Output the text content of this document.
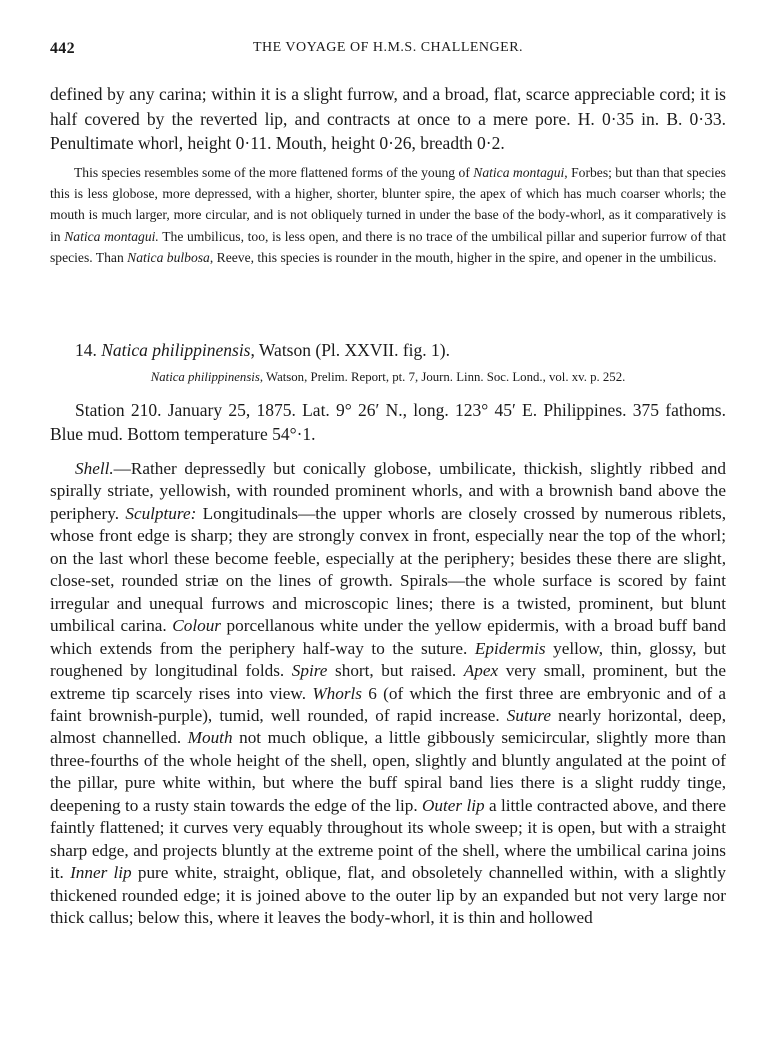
442	THE VOYAGE OF H.M.S. CHALLENGER.

defined by any carina; within it is a slight furrow, and a broad, flat, scarce appreciable cord; it is half covered by the reverted lip, and contracts at once to a mere pore. H. 0·35 in. B. 0·33. Penultimate whorl, height 0·11. Mouth, height 0·26, breadth 0·2.

This species resembles some of the more flattened forms of the young of Natica montagui, Forbes; but than that species this is less globose, more depressed, with a higher, shorter, blunter spire, the apex of which has much coarser whorls; the mouth is much larger, more circular, and is not obliquely turned in under the base of the body-whorl, as it comparatively is in Natica montagui. The umbilicus, too, is less open, and there is no trace of the umbilical pillar and superior furrow of that species. Than Natica bulbosa, Reeve, this species is rounder in the mouth, higher in the spire, and opener in the umbilicus.

14. Natica philippinensis, Watson (Pl. XXVII. fig. 1).
Natica philippinensis, Watson, Prelim. Report, pt. 7, Journ. Linn. Soc. Lond., vol. xv. p. 252.

Station 210. January 25, 1875. Lat. 9° 26′ N., long. 123° 45′ E. Philippines. 375 fathoms. Blue mud. Bottom temperature 54°·1.

Shell.—Rather depressedly but conically globose, umbilicate, thickish, slightly ribbed and spirally striate, yellowish, with rounded prominent whorls, and with a brownish band above the periphery. Sculpture: Longitudinals—the upper whorls are closely crossed by numerous riblets, whose front edge is sharp; they are strongly convex in front, especially near the top of the whorl; on the last whorl these become feeble, especially at the periphery; besides these there are slight, close-set, rounded striæ on the lines of growth. Spirals—the whole surface is scored by faint irregular and unequal furrows and microscopic lines; there is a twisted, prominent, but blunt umbilical carina. Colour porcellanous white under the yellow epidermis, with a broad buff band which extends from the periphery half-way to the suture. Epidermis yellow, thin, glossy, but roughened by longitudinal folds. Spire short, but raised. Apex very small, prominent, but the extreme tip scarcely rises into view. Whorls 6 (of which the first three are embryonic and of a faint brownish-purple), tumid, well rounded, of rapid increase. Suture nearly horizontal, deep, almost channelled. Mouth not much oblique, a little gibbously semicircular, slightly more than three-fourths of the whole height of the shell, open, slightly and bluntly angulated at the point of the pillar, pure white within, but where the buff spiral band lies there is a slight ruddy tinge, deepening to a rusty stain towards the edge of the lip. Outer lip a little contracted above, and there faintly flattened; it curves very equably throughout its whole sweep; it is open, but with a straight sharp edge, and projects bluntly at the extreme point of the shell, where the umbilical carina joins it. Inner lip pure white, straight, oblique, flat, and obsoletely channelled within, with a slightly thickened rounded edge; it is joined above to the outer lip by an expanded but not very large nor thick callus; below this, where it leaves the body-whorl, it is thin and hollowed
